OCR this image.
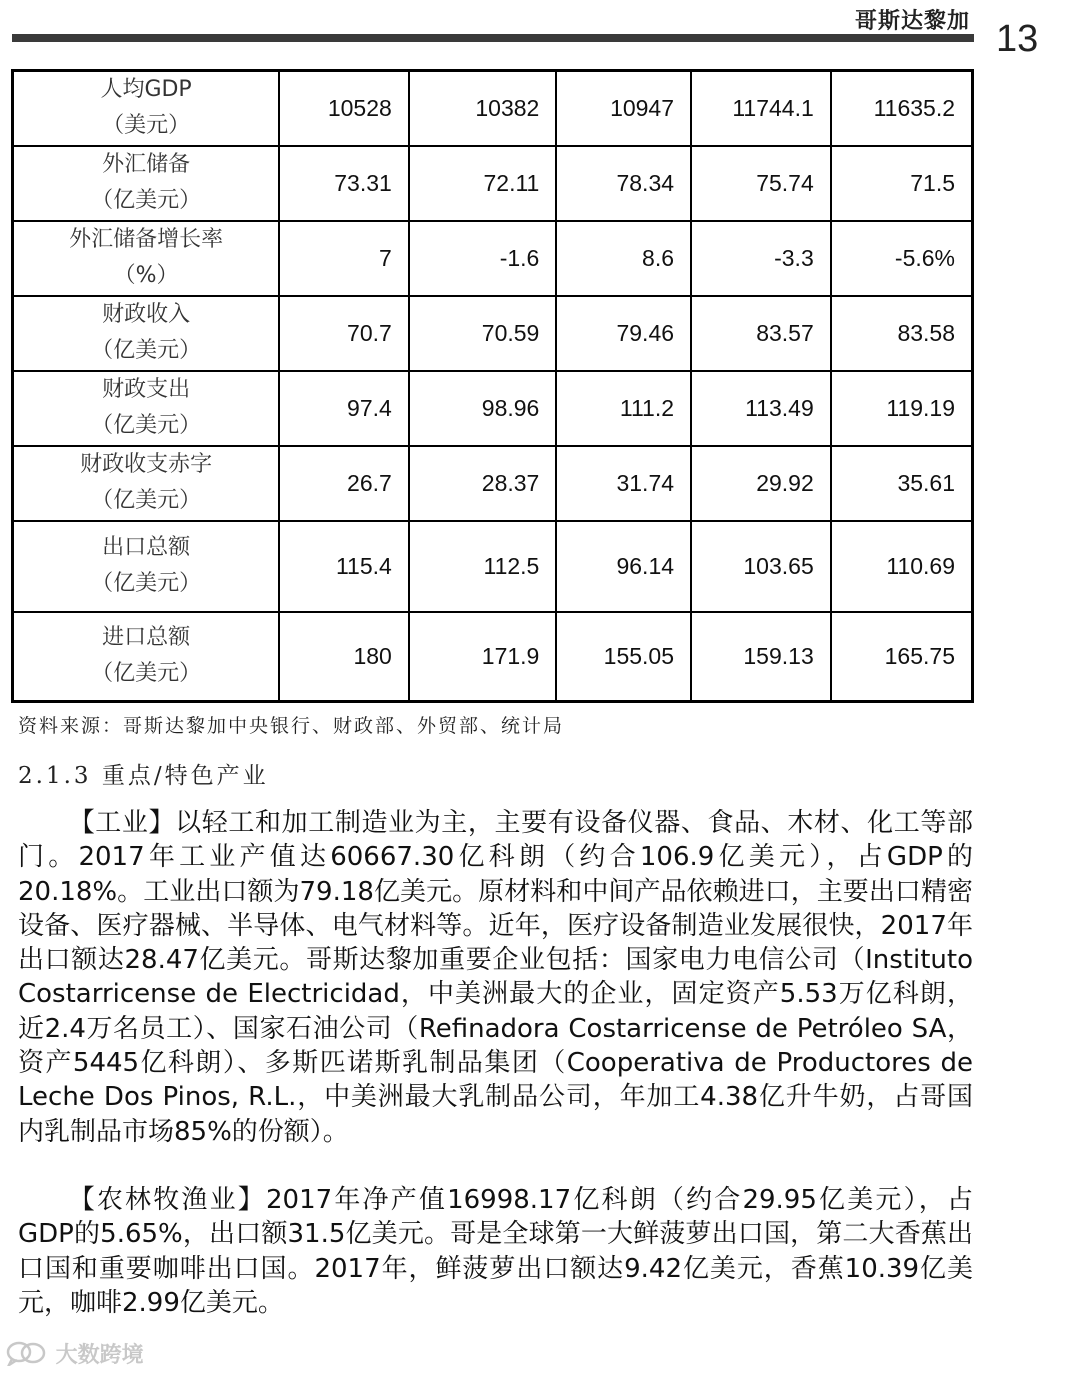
哥斯达黎加 13
人均GDP
（美元）	10528	10382	10947	11744.1	11635.2

外汇储备
（亿美元）	73.31	72.11	78.34	75.74	71.5

外汇储备增长率
（%）	7	-1.6	8.6	-3.3	-5.6%

财政收入
（亿美元）	70.7	70.59	79.46	83.57	83.58

财政支出
（亿美元）	97.4	98.96	111.2	113.49	119.19

财政收支赤字
（亿美元）	26.7	28.37	31.74	29.92	35.61

出口总额
（亿美元）	115.4	112.5	96.14	103.65	110.69

进口总额
（亿美元）	180	171.9	155.05	159.13	165.75
资料来源：哥斯达黎加中央银行、财政部、外贸部、统计局
2.1.3 重点/特色产业

【工业】以轻工和加工制造业为主，主要有设备仪器、食品、木材、化工等部门。2017年工业产值达60667.30亿科朗（约合106.9亿美元），占GDP的20.18%。工业出口额为79.18亿美元。原材料和中间产品依赖进口，主要出口精密设备、医疗器械、半导体、电气材料等。近年，医疗设备制造业发展很快，2017年出口额达28.47亿美元。哥斯达黎加重要企业包括：国家电力电信公司（Instituto Costarricense de Electricidad，中美洲最大的企业，固定资产5.53万亿科朗，近2.4万名员工）、国家石油公司（Refinadora Costarricense de Petróleo SA，资产5445亿科朗）、多斯匹诺斯乳制品集团（Cooperativa de Productores de Leche Dos Pinos, R.L.，中美洲最大乳制品公司，年加工4.38亿升牛奶，占哥国内乳制品市场85%的份额）。

【农林牧渔业】2017年净产值16998.17亿科朗（约合29.95亿美元），占GDP的5.65%，出口额31.5亿美元。哥是全球第一大鲜菠萝出口国，第二大香蕉出口国和重要咖啡出口国。2017年，鲜菠萝出口额达9.42亿美元，香蕉10.39亿美元，咖啡2.99亿美元。

大数跨境
